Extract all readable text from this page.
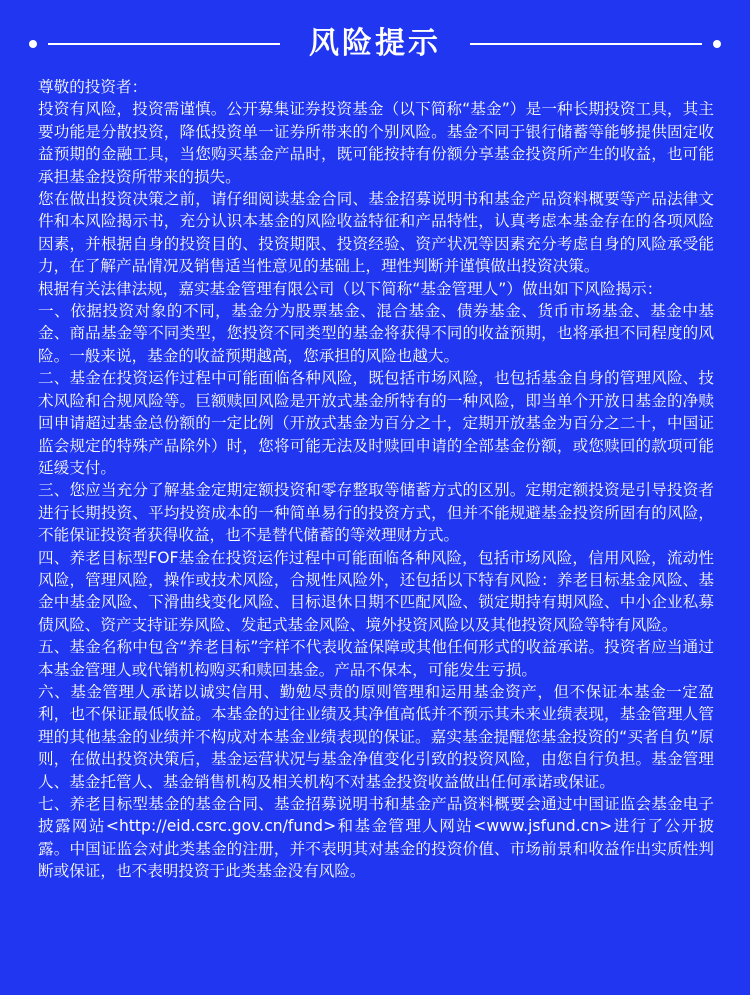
风险提示

尊敬的投资者：

投资有风险，投资需谨慎。公开募集证券投资基金（以下简称“基金”）是一种长期投资工具，其主要功能是分散投资，降低投资单一证券所带来的个别风险。基金不同于银行储蓄等能够提供固定收益预期的金融工具，当您购买基金产品时，既可能按持有份额分享基金投资所产生的收益，也可能承担基金投资所带来的损失。

您在做出投资决策之前，请仔细阅读基金合同、基金招募说明书和基金产品资料概要等产品法律文件和本风险揭示书，充分认识本基金的风险收益特征和产品特性，认真考虑本基金存在的各项风险因素，并根据自身的投资目的、投资期限、投资经验、资产状况等因素充分考虑自身的风险承受能力，在了解产品情况及销售适当性意见的基础上，理性判断并谨慎做出投资决策。

根据有关法律法规，嘉实基金管理有限公司（以下简称“基金管理人”）做出如下风险揭示：

一、依据投资对象的不同，基金分为股票基金、混合基金、债券基金、货币市场基金、基金中基金、商品基金等不同类型，您投资不同类型的基金将获得不同的收益预期，也将承担不同程度的风险。一般来说，基金的收益预期越高，您承担的风险也越大。

二、基金在投资运作过程中可能面临各种风险，既包括市场风险，也包括基金自身的管理风险、技术风险和合规风险等。巨额赎回风险是开放式基金所特有的一种风险，即当单个开放日基金的净赎回申请超过基金总份额的一定比例（开放式基金为百分之十，定期开放基金为百分之二十，中国证监会规定的特殊产品除外）时，您将可能无法及时赎回申请的全部基金份额，或您赎回的款项可能延缓支付。

三、您应当充分了解基金定期定额投资和零存整取等储蓄方式的区别。定期定额投资是引导投资者进行长期投资、平均投资成本的一种简单易行的投资方式，但并不能规避基金投资所固有的风险，不能保证投资者获得收益，也不是替代储蓄的等效理财方式。

四、养老目标型FOF基金在投资运作过程中可能面临各种风险，包括市场风险，信用风险，流动性风险，管理风险，操作或技术风险，合规性风险外，还包括以下特有风险：养老目标基金风险、基金中基金风险、下滑曲线变化风险、目标退休日期不匹配风险、锁定期持有期风险、中小企业私募债风险、资产支持证券风险、发起式基金风险、境外投资风险以及其他投资风险等特有风险。

五、基金名称中包含“养老目标”字样不代表收益保障或其他任何形式的收益承诺。投资者应当通过本基金管理人或代销机构购买和赎回基金。产品不保本，可能发生亏损。

六、基金管理人承诺以诚实信用、勤勉尽责的原则管理和运用基金资产，但不保证本基金一定盈利，也不保证最低收益。本基金的过往业绩及其净值高低并不预示其未来业绩表现，基金管理人管理的其他基金的业绩并不构成对本基金业绩表现的保证。嘉实基金提醒您基金投资的“买者自负”原则，在做出投资决策后，基金运营状况与基金净值变化引致的投资风险，由您自行负担。基金管理人、基金托管人、基金销售机构及相关机构不对基金投资收益做出任何承诺或保证。

七、养老目标型基金的基金合同、基金招募说明书和基金产品资料概要会通过中国证监会基金电子披露网站<http://eid.csrc.gov.cn/fund>和基金管理人网站<www.jsfund.cn>进行了公开披露。中国证监会对此类基金的注册，并不表明其对基金的投资价值、市场前景和收益作出实质性判断或保证，也不表明投资于此类基金没有风险。
